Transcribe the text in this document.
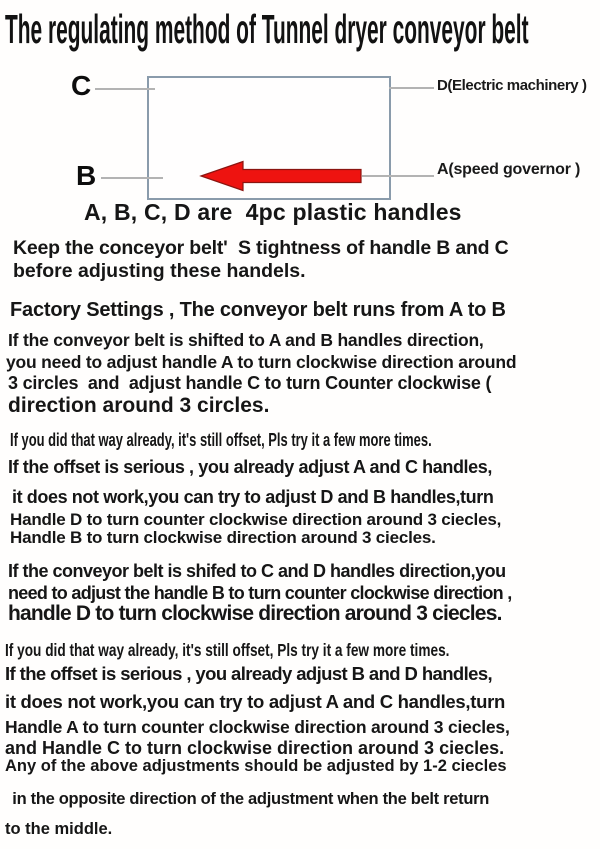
The regulating method of Tunnel dryer conveyor belt
C
B
D(Electric machinery )
A(speed governor )
A, B, C, D are  4pc plastic handles
Keep the conceyor belt'  S tightness of handle B and C
before adjusting these handels.
Factory Settings , The conveyor belt runs from A to B
If the conveyor belt is shifted to A and B handles direction,
you need to adjust handle A to turn clockwise direction around
3 circles  and  adjust handle C to turn Counter clockwise (
direction around 3 circles.
If you did that way already, it's still offset, Pls try it a few more times.
If the offset is serious , you already adjust A and C handles,
it does not work,you can try to adjust D and B handles,turn
Handle D to turn counter clockwise direction around 3 ciecles,
Handle B to turn clockwise direction around 3 ciecles.
If the conveyor belt is shifed to C and D handles direction,you
need to adjust the handle B to turn counter clockwise direction ,
handle D to turn clockwise direction around 3 ciecles.
If you did that way already, it's still offset, Pls try it a few more times.
If the offset is serious , you already adjust B and D handles,
it does not work,you can try to adjust A and C handles,turn
Handle A to turn counter clockwise direction around 3 ciecles,
and Handle C to turn clockwise direction around 3 ciecles.
Any of the above adjustments should be adjusted by 1-2 ciecles
in the opposite direction of the adjustment when the belt return
to the middle.
